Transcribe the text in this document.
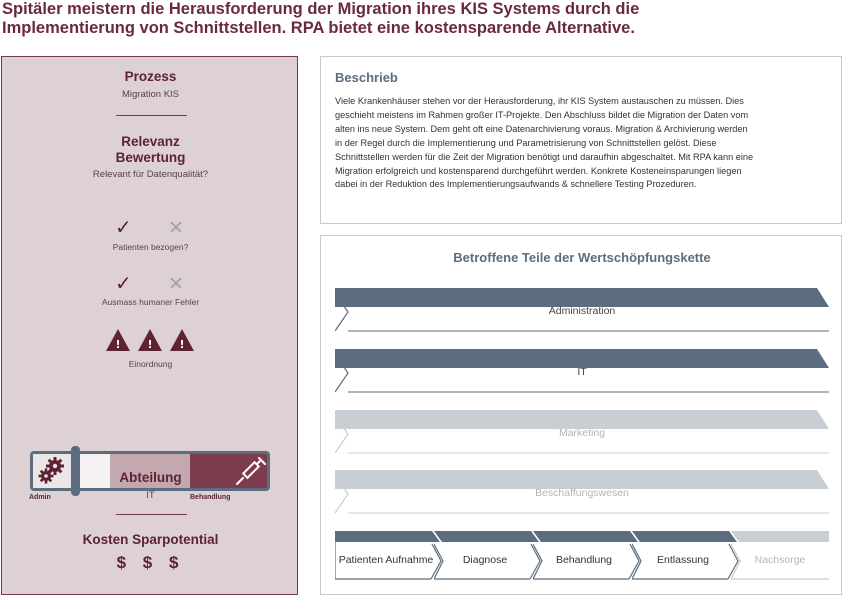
Spitäler meistern die Herausforderung der Migration ihres KIS Systems durch die Implementierung von Schnittstellen. RPA bietet eine kostensparende Alternative.
Prozess
Migration KIS
Relevanz
Bewertung
Relevant für Datenqualität?
✓ ✕
Patienten bezogen?
✓ ✕
Ausmass humaner Fehler
! ! !
Einordnung
Admin	Behandlung
Abteilung
IT
Kosten Sparpotential
$ $ $
Beschrieb
Viele Krankenhäuser stehen vor der Herausforderung, ihr KIS System austauschen zu müssen. Dies geschieht meistens im Rahmen großer IT-Projekte. Den Abschluss bildet die Migration der Daten vom alten ins neue System. Dem geht oft eine Datenarchivierung voraus. Migration & Archivierung werden in der Regel durch die Implementierung und Parametrisierung von Schnittstellen gelöst. Diese Schnittstellen werden für die Zeit der Migration benötigt und daraufhin abgeschaltet. Mit RPA kann eine Migration erfolgreich und kostensparend durchgeführt werden. Konkrete Kosteneinsparungen liegen dabei in der Reduktion des Implementierungsaufwands & schnellere Testing Prozeduren.
Betroffene Teile der Wertschöpfungskette
Administration
IT
Marketing
Beschaffungswesen
Patienten Aufnahme	Diagnose	Behandlung	Entlassung	Nachsorge
